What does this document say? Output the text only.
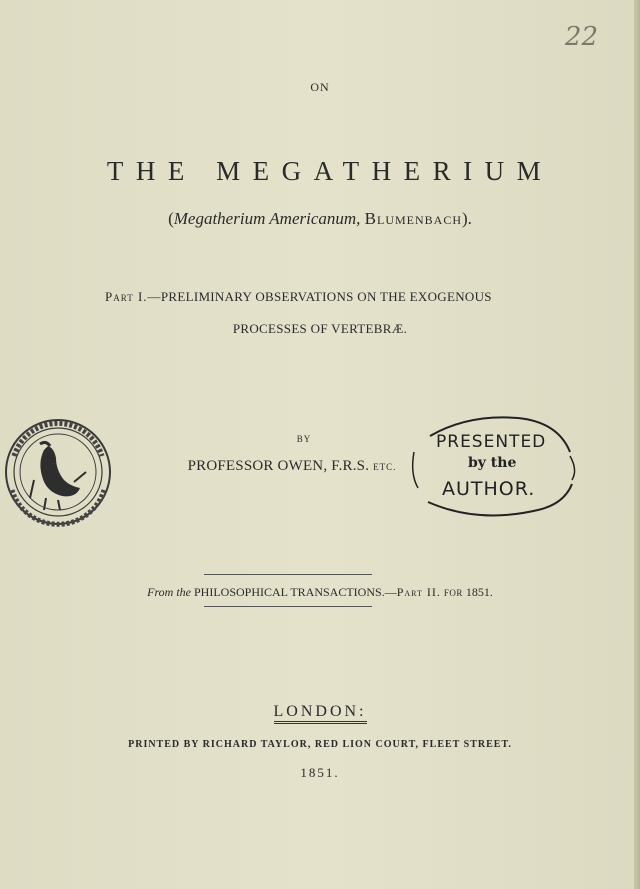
22
ON
THE MEGATHERIUM
(Megatherium Americanum, Blumenbach).
Part I.—PRELIMINARY OBSERVATIONS ON THE EXOGENOUS
PROCESSES OF VERTEBRÆ.
BY
PROFESSOR OWEN, F.R.S. ETC.
PRESENTED
by the
AUTHOR.
From the PHILOSOPHICAL TRANSACTIONS.—Part II. FOR 1851.
LONDON:
PRINTED BY RICHARD TAYLOR, RED LION COURT, FLEET STREET.
1851.
